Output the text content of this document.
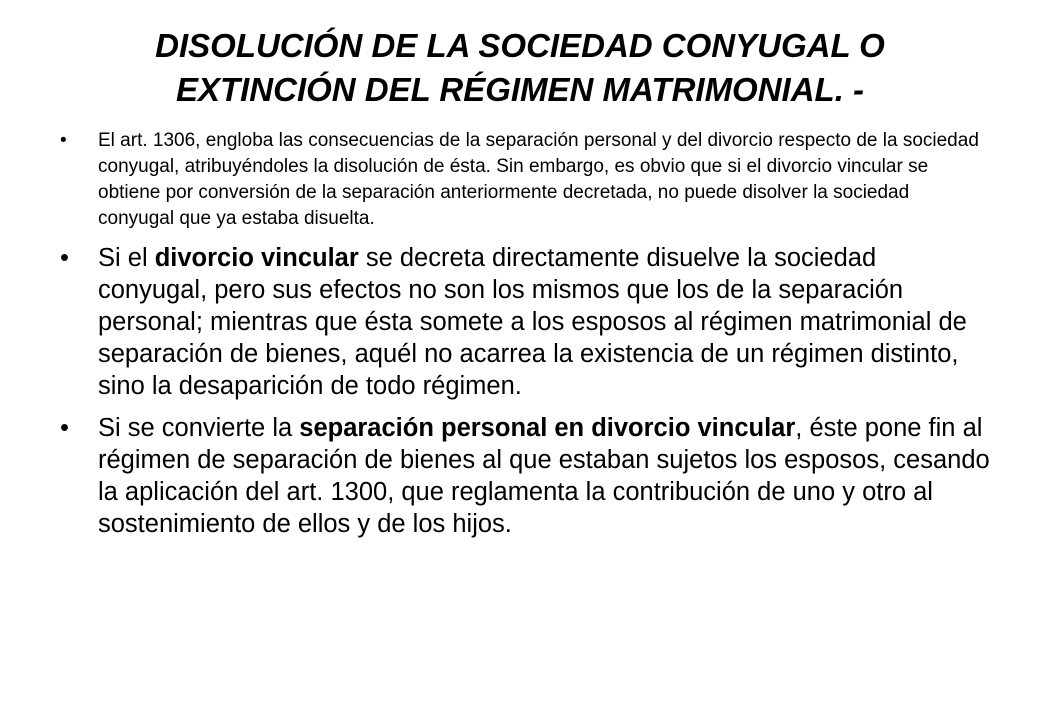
DISOLUCIÓN DE LA SOCIEDAD CONYUGAL O
EXTINCIÓN DEL RÉGIMEN MATRIMONIAL. -
• El art. 1306, engloba las consecuencias de la separación personal y del divorcio respecto de la sociedad conyugal, atribuyéndoles la disolución de ésta. Sin embargo, es obvio que si el divorcio vincular se obtiene por conversión de la separación anteriormente decretada, no puede disolver la sociedad conyugal que ya estaba disuelta.
• Si el divorcio vincular se decreta directamente disuelve la sociedad conyugal, pero sus efectos no son los mismos que los de la separación personal; mientras que ésta somete a los esposos al régimen matrimonial de separación de bienes, aquél no acarrea la existencia de un régimen distinto, sino la desaparición de todo régimen.
• Si se convierte la separación personal en divorcio vincular, éste pone fin al régimen de separación de bienes al que estaban sujetos los esposos, cesando la aplicación del art. 1300, que reglamenta la contribución de uno y otro al sostenimiento de ellos y de los hijos.
